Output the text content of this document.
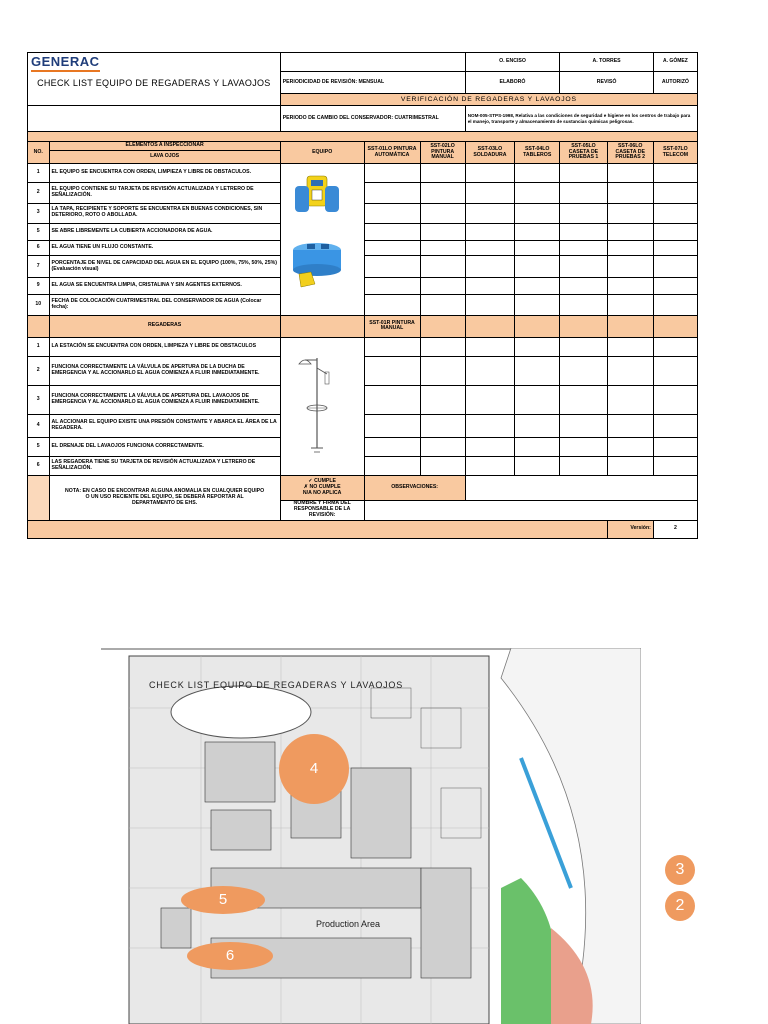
GENERAC
CHECK LIST EQUIPO DE REGADERAS Y LAVAOJOS					O. ENCISO		A. TORRES		A. GÓMEZ
		PERIODICIDAD DE REVISIÓN: MENSUAL			ELABORÓ		REVISÓ		AUTORIZÓ
		VERIFICACIÓN DE REGADERAS Y LAVAOJOS							
		PERIODO DE CAMBIO DEL CONSERVADOR: CUATRIMESTRAL			NOM-005-STPS-1998, Relativa a las condiciones de seguridad e higiene en los centros de trabajo para el manejo, transporte y almacenamiento de sustancias químicas peligrosas.				

NO.	ELEMENTOS A INSPECCIONAR	EQUIPO	SST-01LO PINTURA AUTOMÁTICA	SST-02LO PINTURA MANUAL	SST-03LO SOLDADURA	SST-04LO TABLEROS	SST-05LO CASETA DE PRUEBAS 1	SST-06LO CASETA DE PRUEBAS 2	SST-07LO TELECOM
	LAVA OJOS								
1	EL EQUIPO SE ENCUENTRA CON ORDEN, LIMPIEZA Y LIBRE DE OBSTACULOS.								
2	EL EQUIPO CONTIENE SU TARJETA DE REVISIÓN ACTUALIZADA Y LETRERO DE SEÑALIZACIÓN.								
3	LA TAPA, RECIPIENTE Y SOPORTE SE ENCUENTRA EN BUENAS CONDICIONES, SIN DETERIORO, ROTO O ABOLLADA.								
5	SE ABRE LIBREMENTE LA CUBIERTA ACCIONADORA DE AGUA.								
6	EL AGUA TIENE UN FLUJO CONSTANTE.								
7	PORCENTAJE DE NIVEL DE CAPACIDAD DEL AGUA EN EL EQUIPO (100%, 75%, 50%, 25%) (Evaluación visual)								
9	EL AGUA SE ENCUENTRA LIMPIA, CRISTALINA Y SIN AGENTES EXTERNOS.								
10	FECHA DE COLOCACIÓN CUATRIMESTRAL DEL CONSERVADOR DE AGUA (Colocar fecha):								
	REGADERAS		SST-01R PINTURA MANUAL						
1	LA ESTACIÓN SE ENCUENTRA CON ORDEN, LIMPIEZA Y LIBRE DE OBSTACULOS								
2	FUNCIONA CORRECTAMENTE LA VÁLVULA DE APERTURA DE LA DUCHA DE EMERGENCIA Y AL ACCIONARLO EL AGUA COMIENZA A FLUIR INMEDIATAMENTE.								
3	FUNCIONA CORRECTAMENTE LA VÁLVULA DE APERTURA DEL LAVAOJOS DE EMERGENCIA Y AL ACCIONARLO EL AGUA COMIENZA A FLUIR INMEDIATAMENTE.								
4	AL ACCIONAR EL EQUIPO EXISTE UNA PRESIÓN CONSTANTE Y ABARCA EL ÁREA DE LA REGADERA.								
5	EL DRENAJE DEL LAVAOJOS FUNCIONA CORRECTAMENTE.								
6	LAS REGADERA TIENE SU TARJETA DE REVISIÓN ACTUALIZADA Y LETRERO DE SEÑALIZACIÓN.								
	NOTA: EN CASO DE ENCONTRAR ALGUNA ANOMALIA EN CUALQUIER EQUIPO O UN USO RECIENTE DEL EQUIPO, SE DEBERÁ REPORTAR AL DEPARTAMENTO DE EHS.	✓ CUMPLE
✗ NO CUMPLE
N/A NO APLICA	OBSERVACIONES:						
		NOMBRE Y FIRMA DEL RESPONSABLE DE LA REVISIÓN:							
								Versión:	2
Production Area
CHECK LIST EQUIPO DE REGADERAS Y LAVAOJOS
4
5
6
3
2
